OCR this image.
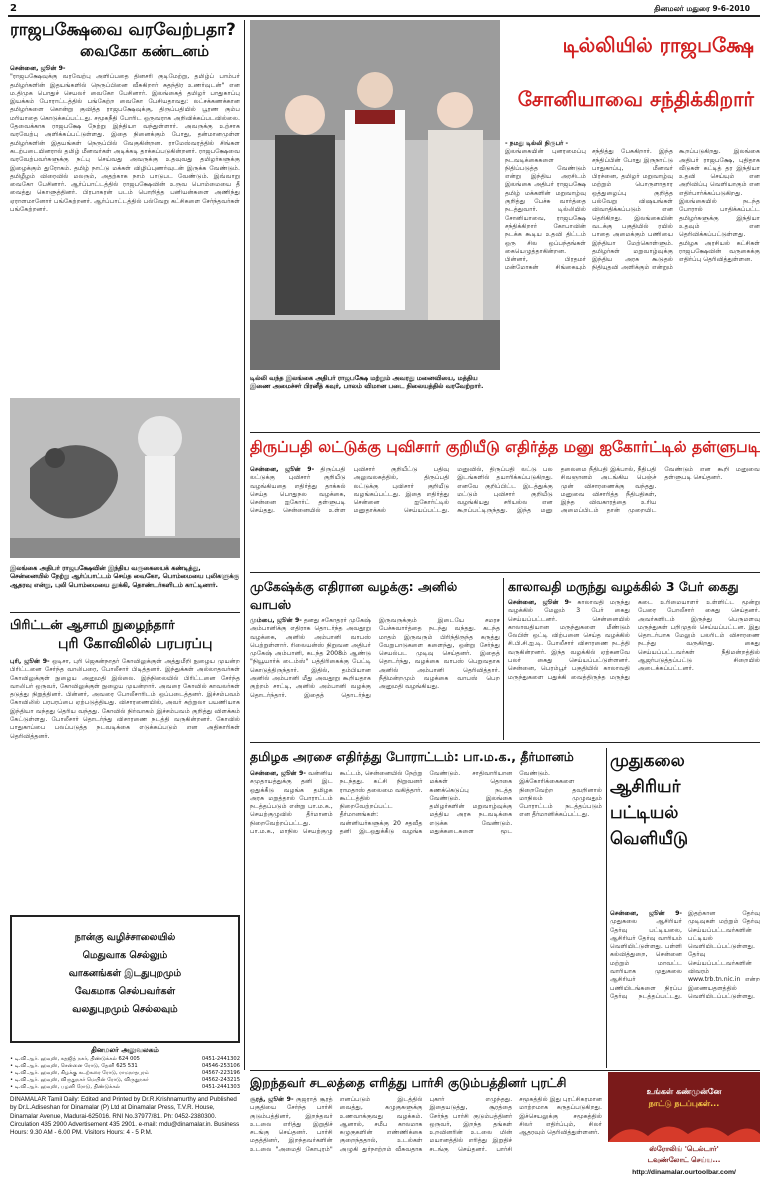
2	தினமலர் மதுரை 9-6-2010
ராஜபக்ஷேவை வரவேற்பதா?
வைகோ கண்டனம்
சென்னை, ஜூன் 9-
"ராஜபக்ஷேவுக்கு வரவேற்பு அளிப்பதை தினசரி குடிமேற்று, தமிழ்ப் பாம்பர் தமிழர்களின் இதயங்களில் நெருப்பினை வீசுகிறார் சுதந்திர உணர்வுடன்" என ம.திமுக பொதுச் செயலர் வைகோ பேசினார். இலங்கைத் தமிழர் பாதுகாப்பு இயக்கம் போராட்டத்தில் பங்கேற்ற வைகோ பேசியதாவது: லட்சக்கணக்கான தமிழர்களை கொன்று குவித்த ராஜபக்ஷேவுக்கு, திருப்பதியில் பூரண கும்ப மரியாதை கொடுக்கப்பட்டது. சமூகநீதி போரிட ஒருவராக அறிவிக்கப்படவில்லை. தேவைக்காக ராஜபக்ஷே நேற்று இந்தியா வந்துள்ளார். அவருக்கு உற்சாக வரவேற்பு அளிக்கப்பட்டுள்ளது. இதை நினைக்கும் போது, தன்மானமுள்ள தமிழர்களின் இதயங்கள் நெருப்பில் வேகுகின்றன. ராமேஸ்வரத்தில் சிங்கள கடற்படையினரால் தமிழ் மீனவர்கள் அடிக்கடி தாக்கப்படுகின்றனர். ராஜபக்ஷேவை வரவேற்பவர்களுக்கு நட்பு செய்வது அவருக்கு உதவுவது தமிழர்களுக்கு இழைக்கும் துரோகம். தமிழ் நாட்டு மக்கள் விழிப்புணர்வுடன் இருக்க வேண்டும். தமிழீழம் விரைவில் மலரும், அதற்காக நாம் பாடுபட வேண்டும். இவ்வாறு வைகோ பேசினார். ஆர்ப்பாட்டத்தில் ராஜபக்ஷேவின் உருவ பொம்மையை தீ வைத்து கொளுத்தினர். பிரபாகரன் படம் பொறித்த பனியன்களை அணிந்து ஏராளமானோர் பங்கேற்றனர். ஆர்ப்பாட்டத்தில் பல்வேறு கட்சிகளை சேர்ந்தவர்கள் பங்கேற்றனர்.
இலங்கை அதிபர் ராஜபக்ஷேவின் இந்திய வருகையைக் கண்டித்து, சென்னையில் நேற்று ஆர்ப்பாட்டம் செய்த வைகோ, பொம்மையை புலிகளுக்கு ஆதரவு என்று, புலி பொம்மையை தூக்கி, தொண்டர்களிடம் காட்டினார்.
டில்லி வந்த இலங்கை அதிபர் ராஜபக்ஷே மற்றும் அவரது மனைவியை, மத்திய இணை அமைச்சர் பிரனீத் கவுர், பாலம் விமான படை நிலையத்தில் வரவேற்றார்.
டில்லியில் ராஜபக்ஷே
சோனியாவை சந்திக்கிறார்
- நமது டில்லி நிருபர் -
இலங்கையின் புனரமைப்பு நடவடிக்கைகளை நிதிப்படுத்த வேண்டும் என்று இந்திய அரசிடம் இலங்கை அதிபர் ராஜபக்ஷே தமிழ் மக்களின் மறுவாழ்வு குறித்து பேச்சு வார்த்தை நடத்துவார். டில்லியில் சோனியாவை, ராஜபக்ஷே சந்திக்கிறார் கோபாவின் நடக்க கூடிய உதவி திட்டம் ஒரு சில ஒப்பந்தங்கள் கையெழுத்தாகின்றன. பின்னர், பிரதமர் மன்மோகன் சிங்கையும் சந்தித்து பேசுகிறார். இந்த சந்திப்பின் போது இருநாட்டு பாதுகாப்பு, மீனவர் பிரச்னை, தமிழர் மறுவாழ்வு மற்றும் பொருளாதார ஒத்துழைப்பு குறித்த பல்வேறு விஷயங்கள் விவாதிக்கப்படும் என தெரிகிறது. இலங்கையின் வடக்கு பகுதியில் ரயில் பாதை அமைக்கும் பணியை இந்தியா மேற்கொள்ளும். தமிழர்கள் மறுவாழ்வுக்கு இந்திய அரசு கூடுதல் நிதியுதவி அளிக்கும் என்றும் கூறப்படுகிறது. இலங்கை அதிபர் ராஜபக்ஷே, புதிதாக வீடுகள் கட்டித் தர இந்தியா உதவி செய்யும் என அறிவிப்பு வெளியாகும் என எதிர்பார்க்கப்படுகிறது. இலங்கையில் நடந்த போரால் பாதிக்கப்பட்ட தமிழர்களுக்கு இந்தியா உதவும் என தெரிவிக்கப்பட்டுள்ளது. தமிழக அரசியல் கட்சிகள் ராஜபக்ஷேவின் வருகைக்கு எதிர்ப்பு தெரிவித்துள்ளன.
திருப்பதி லட்டுக்கு புவிசார் குறியீடு எதிர்த்த மனு ஐகோர்ட்டில் தள்ளுபடி
சென்னை, ஜூன் 9- திருப்பதி லட்டுக்கு புவிசார் குறியீடு வழங்கியதை எதிர்த்து தாக்கல் செய்த பொதுநல வழக்கை, சென்னை ஐகோர்ட் தள்ளுபடி செய்தது. சென்னையில் உள்ள புவிசார் குறியீட்டு பதிவு அலுவலகத்தில், திருப்பதி லட்டுக்கு புவிசார் குறியீடு வழங்கப்பட்டது. இதை எதிர்த்து சென்னை ஐகோர்ட்டில் மனுதாக்கல் செய்யப்பட்டது. மனுவில், திருப்பதி லட்டு பல இடங்களில் தயாரிக்கப்படுகிறது. எனவே குறிப்பிட்ட இடத்துக்கு மட்டும் புவிசார் குறியீடு வழங்கியது சரியல்ல என கூறப்பட்டிருந்தது. இந்த மனு தலைமை நீதிபதி இக்பால், நீதிபதி சிவஞானம் அடங்கிய பெஞ்ச் முன் விசாரணைக்கு வந்தது. மனுவை விசாரித்த நீதிபதிகள், இந்த விவகாரத்தை உரிய அமைப்பிடம் தான் முறையிட வேண்டும் என கூறி மனுவை தள்ளுபடி செய்தனர்.
முகேஷ்க்கு எதிரான வழக்கு: அனில் வாபஸ்
மும்பை, ஜூன் 9- தனது சகோதரர் முகேஷ் அம்பானிக்கு எதிராக தொடர்ந்த அவதூறு வழக்கை, அனில் அம்பானி வாபஸ் பெற்றுள்ளார். ரிலையன்ஸ் நிறுவன அதிபர் முகேஷ் அம்பானி, கடந்த 2008ம் ஆண்டு "நியூயார்க் டைம்ஸ்" பத்திரிகைக்கு பேட்டி கொடுத்திருந்தார். இதில், தம்பியான அனில் அம்பானி மீது அவதூறு கூறியதாக குற்றம் சாட்டி, அனில் அம்பானி வழக்கு தொடர்ந்தார். இதைத் தொடர்ந்து இருவருக்கும் இடையே சமரச பேச்சுவார்த்தை நடந்து வந்தது. கடந்த மாதம் இருவரும் பிரிந்திருந்த கருத்து வேறுபாடுகளை களைந்து, ஒன்று சேர்ந்து செயல்பட முடிவு செய்தனர். இதைத் தொடர்ந்து, வழக்கை வாபஸ் பெறுவதாக அனில் அம்பானி தெரிவித்தார். நீதிமன்றமும் வழக்கை வாபஸ் பெற அனுமதி வழங்கியது.
காலாவதி மருந்து வழக்கில் 3 பேர் கைது
சென்னை, ஜூன் 9- காலாவதி மருந்து வழக்கில் மேலும் 3 பேர் கைது செய்யப்பட்டனர். சென்னையில் காலாவதியான மருந்துகளை மீண்டும் லேபிள் ஒட்டி விற்பனை செய்த வழக்கில் சி.பி.சி.ஐ.டி. போலீசார் விசாரணை நடத்தி வருகின்றனர். இந்த வழக்கில் ஏற்கனவே பலர் கைது செய்யப்பட்டுள்ளனர். சென்னை, பெரம்பூர் பகுதியில் காலாவதி மருந்துகளை பதுக்கி வைத்திருந்த மருந்து கடை உரிமையாளர் உள்ளிட்ட மூன்று பேரை போலீசார் கைது செய்தனர். அவர்களிடம் இருந்து பெருமளவு மருந்துகள் பறிமுதல் செய்யப்பட்டன. இது தொடர்பாக மேலும் பலரிடம் விசாரணை நடந்து வருகிறது. கைது செய்யப்பட்டவர்கள் நீதிமன்றத்தில் ஆஜர்படுத்தப்பட்டு சிறையில் அடைக்கப்பட்டனர்.
பிரிட்டன் ஆசாமி நுழைந்தார்
புரி கோவிலில் பரபரப்பு
புரி, ஜூன் 9- ஒடிசா, புரி ஜெகன்நாதர் கோவிலுக்குள் அத்துமீறி நுழைய முயன்ற பிரிட்டனை சேர்ந்த வாலிபரை, போலீசார் பிடித்தனர். இந்துக்கள் அல்லாதவர்கள் கோவிலுக்குள் நுழைய அனுமதி இல்லை. இந்நிலையில் பிரிட்டனை சேர்ந்த வாலிபர் ஒருவர், கோவிலுக்குள் நுழைய முயன்றார். அவரை கோவில் காவலர்கள் தடுத்து நிறுத்தினர். பின்னர், அவரை போலீசாரிடம் ஒப்படைத்தனர். இச்சம்பவம் கோவிலில் பரபரப்பை ஏற்படுத்தியது. விசாரணையில், அவர் சுற்றுலா பயணியாக இந்தியா வந்தது தெரிய வந்தது. கோவில் நிர்வாகம் இச்சம்பவம் குறித்து விளக்கம் கேட்டுள்ளது. போலீசார் தொடர்ந்து விசாரணை நடத்தி வருகின்றனர். கோவில் பாதுகாப்பை பலப்படுத்த நடவடிக்கை எடுக்கப்படும் என அதிகாரிகள் தெரிவித்தனர்.
நான்கு வழிச்சாலையில்
மெதுவாக செல்லும்
வாகனங்கள் இடதுபுறமும்
வேகமாக செல்பவர்கள்
வலதுபுறமும் செல்லவும்
தினமலர் அலுவலகம்
• டி.வி.ஆர். ஹவுஸ், கதஜித் நகர், திண்டுக்கல் 624 005	0451-2441302
• டி.வி.ஆர். ஹவுஸ், சென்னை ரோடு, தேனி 625 531	04546-253106
• டி.வி.ஆர். ஹவுஸ், கிழக்கு கடற்கரை ரோடு, ராமநாதபுரம்	04567-223196
• டி.வி.ஆர். ஹவுஸ், விருதுநகர் மெயின் ரோடு, விருதுநகர்	04562-243215
• டி.வி.ஆர். ஹவுஸ், பழனி ரோடு, திண்டுக்கல்	0451-2441303
DINAMALAR Tamil Daily: Edited and Printed by Dr.R.Krishnamurthy and Published by Dr.L.Adiseshan for Dinamalar (P) Ltd at Dinamalar Press, T.V.R. House, Dinamalar Avenue, Madurai-625016. RNI No.37977/81. Ph: 0452-2380300. Circulation 435 2900 Advertisement 435 2901. e-mail: mdu@dinamalar.in. Business Hours: 9.30 AM - 6.00 PM. Visitors Hours: 4 - 5 P.M.
தமிழக அரசை எதிர்த்து போராட்டம்: பா.ம.க., தீர்மானம்
சென்னை, ஜூன் 9- வன்னிய சமுதாயத்துக்கு தனி இட ஒதுக்கீடு வழங்க தமிழக அரசு மறுத்தால் போராட்டம் நடத்தப்படும் என்று பா.ம.க., செயற்குழுவில் தீர்மானம் நிறைவேற்றப்பட்டது. பா.ம.க., மாநில செயற்குழு கூட்டம், சென்னையில் நேற்று நடந்தது. கட்சி நிறுவனர் ராமதாஸ் தலைமை வகித்தார். கூட்டத்தில் நிறைவேற்றப்பட்ட தீர்மானங்கள்: வன்னியர்களுக்கு 20 சதவீத தனி இடஒதுக்கீடு வழங்க வேண்டும். சாதிவாரியான மக்கள் தொகை கணக்கெடுப்பு நடத்த வேண்டும். இலங்கை தமிழர்களின் மறுவாழ்வுக்கு மத்திய அரசு நடவடிக்கை எடுக்க வேண்டும். மதுக்கடைகளை மூட வேண்டும். இக்கோரிக்கைகளை நிறைவேற்ற தவறினால் மாநிலம் முழுவதும் போராட்டம் நடத்தப்படும் என தீர்மானிக்கப்பட்டது.
முதுகலை ஆசிரியர்
பட்டியல் வெளியீடு
சென்னை, ஜூன் 9- முதுகலை ஆசிரியர் தேர்வு பட்டியலை, ஆசிரியர் தேர்வு வாரியம் வெளியிட்டுள்ளது. பள்ளி கல்வித்துறை, சென்னை மற்றும் மாவட்ட வாரியாக முதுகலை ஆசிரியர் பணியிடங்களை நிரப்ப தேர்வு நடத்தப்பட்டது. இதற்கான தேர்வு முடிவுகள் மற்றும் தேர்வு செய்யப்பட்டவர்களின் பட்டியல் வெளியிடப்பட்டுள்ளது. தேர்வு செய்யப்பட்டவர்களின் விவரம் www.trb.tn.nic.in என்ற இணையதளத்தில் வெளியிடப்பட்டுள்ளது.
இறந்தவர் சடலத்தை எரித்து பார்சி குடும்பத்தினர் புரட்சி
சூரத், ஜூன் 9- குஜராத் சூரத் பகுதியை சேர்ந்த பார்சி குடும்பத்தினர், இறந்தவர் உடலை எரித்து இறுதிச் சடங்கு செய்தனர். பார்சி மதத்தினர், இறந்தவர்களின் உடலை "அமைதி கோபுரம்" எனப்படும் இடத்தில் வைத்து, கழுகுகளுக்கு உணவாக்குவது வழக்கம். ஆனால், சமீப காலமாக கழுகுகளின் எண்ணிக்கை குறைந்ததால், உடல்கள் அழுகி துர்நாற்றம் வீசுவதாக புகார் எழுந்தது. இதையடுத்து, சூரத்தை சேர்ந்த பார்சி குடும்பத்தினர் ஒருவர், இறந்த தங்கள் உறவினரின் உடலை மின் மயானத்தில் எரித்து இறுதிச் சடங்கு செய்தனர். பார்சி சமூகத்தில் இது புரட்சிகரமான மாற்றமாக கருதப்படுகிறது. இச்செயலுக்கு சமூகத்தில் சிலர் எதிர்ப்பும், சிலர் ஆதரவும் தெரிவித்துள்ளனர்.
உங்கள் கண்முன்னே
நாட்டு நடப்புகள்...
ஸ்ரோலிங் 'டெல்டார்'
டவுண்லோட் செய்ய...
http://dinamalar.ourtoolbar.com/
